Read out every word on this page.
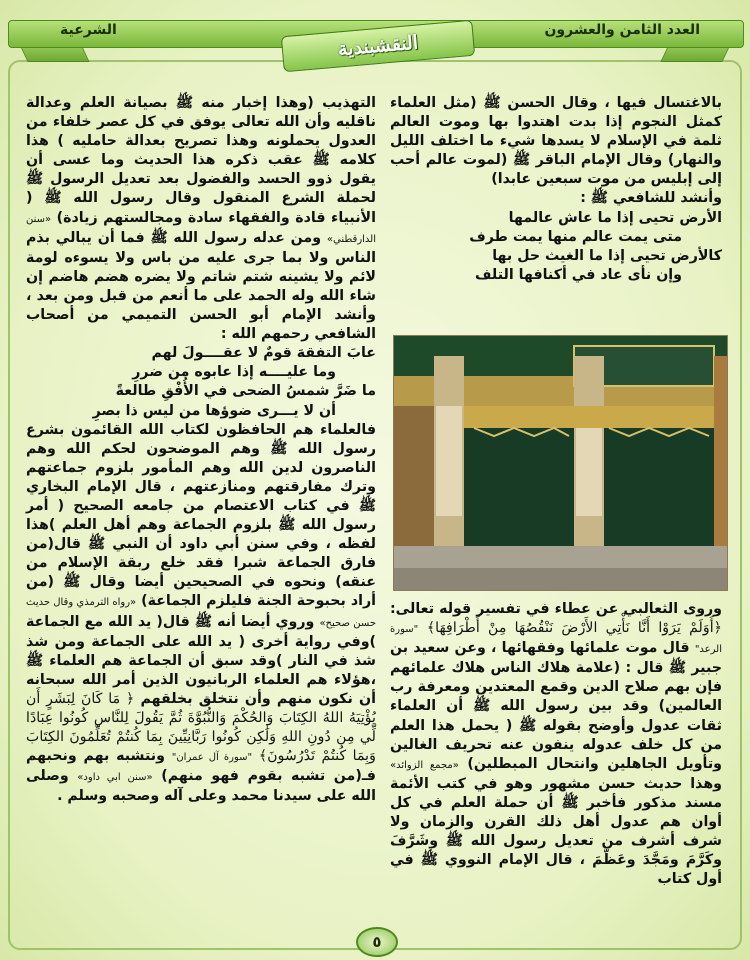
الشرعية	العدد الثامن والعشرون
النقشبندية

بالاغتسال فيها ، وقال الحسن ﷺ (مثل العلماء كمثل النجوم إذا بدت اهتدوا بها وموت العالم ثلمة في الإسلام لا يسدها شيء ما اختلف الليل والنهار) وقال الإمام الباقر ﷺ (لموت عالم أحب إلى إبليس من موت سبعين عابدا)

وأنشد للشافعي ﷺ :

الأرض تحيى إذا ما عاش عالمها

متى يمت عالم منها يمت طرف

كالأرض تحيى إذا ما الغيث حل بها

وإن نأى عاد في أكنافها التلف

وروى الثعالبي عن عطاء في تفسير قوله تعالى: ﴿أَوَلَمْ يَرَوْا أَنَّا نَأْتِي الأَرْضَ نَنْقُصُهَا مِنْ أَطْرَافِهَا﴾ "سورة الرعد" قال موت علمائها وفقهائها ، وعن سعيد بن جبير ﷺ قال : (علامة هلاك الناس هلاك علمائهم فإن بهم صلاح الدين وقمع المعتدين ومعرفة رب العالمين) وقد بين رسول الله ﷺ أن العلماء ثقات عدول وأوضح بقوله ﷺ ( يحمل هذا العلم من كل خلف عدوله ينفون عنه تحريف الغالين وتأويل الجاهلين وانتحال المبطلين) «مجمع الزوائد» وهذا حديث حسن مشهور وهو في كتب الأئمة مسند مذكور فأخبر ﷺ أن حملة العلم في كل أوان هم عدول أهل ذلك القرن والزمان ولا شرف أشرف من تعديل رسول الله ﷺ وشَرَّفَ وكَرَّمَ ومَجَّدَ وعَظَّمَ ، قال الإمام النووي ﷺ في أول كتاب

التهذيب (وهذا إخبار منه ﷺ بصيانة العلم وعدالة ناقليه وأن الله تعالى يوفق في كل عصر خلفاء من العدول يحملونه وهذا تصريح بعدالة حامليه ) هذا كلامه ﷺ عقب ذكره هذا الحديث وما عسى أن يقول ذوو الحسد والفضول بعد تعديل الرسول ﷺ لحملة الشرع المنقول وقال رسول الله ﷺ ( الأنبياء قادة والفقهاء سادة ومجالستهم زيادة) «سنن الدارقطني» ومن عدله رسول الله ﷺ فما أن يبالي بذم الناس ولا بما جرى عليه من باس ولا يسوءه لومة لائم ولا يشينه شتم شاتم ولا يضره هضم هاضم إن شاء الله وله الحمد على ما أنعم من قبل ومن بعد ، وأنشد الإمام أبو الحسن التميمي من أصحاب الشافعي رحمهم الله :

عابَ التفقهَ قومٌ لا عقــــولَ لهم

وما عليــــه إذا عابوه من ضررِ

ما ضَرَّ شمسُ الضحى في الأُفْقِ طالعةً

أن لا يـــرى ضوؤها من ليس ذا بصرِ

فالعلماء هم الحافظون لكتاب الله القائمون بشرع رسول الله ﷺ وهم الموضحون لحكم الله وهم الناصرون لدين الله وهم المأمور بلزوم جماعتهم وترك مفارقتهم ومنازعتهم ، قال الإمام البخاري ﷺ في كتاب الاعتصام من جامعه الصحيح ( أمر رسول الله ﷺ بلزوم الجماعة وهم أهل العلم )هذا لفظه ، وفي سنن أبي داود أن النبي ﷺ قال(من فارق الجماعة شبرا فقد خلع ربقة الإسلام من عنقه) ونحوه في الصحيحين أيضا وقال ﷺ (من أراد بحبوحة الجنة فليلزم الجماعة) «رواه الترمذي وقال حديث حسن صحيح» وروي أيضا أنه ﷺ قال( يد الله مع الجماعة )وفي رواية أخرى ( يد الله على الجماعة ومن شذ شذ في النار )وقد سبق أن الجماعة هم العلماء ﷺ ،هؤلاء هم العلماء الربانيون الذين أمر الله سبحانه أن نكون منهم وأن نتخلق بخلقهم ﴿ مَا كَانَ لِبَشَرٍ أَن يُؤْتِيَهُ اللهُ الكِتَابَ وَالحُكْمَ وَالنُّبُوَّةَ ثُمَّ يَقُولَ لِلنَّاسِ كُونُوا عِبَادًا لِّي مِن دُونِ اللهِ وَلَٰكِن كُونُوا رَبَّانِيِّينَ بِمَا كُنتُمْ تُعَلِّمُونَ الكِتَابَ وَبِمَا كُنتُمْ تَدْرُسُونَ﴾ "سورة آل عمران" ونتشبه بهم ونحبهم فـ(من تشبه بقوم فهو منهم) «سنن ابي داود» وصلى الله على سيدنا محمد وعلى آله وصحبه وسلم .

٥
